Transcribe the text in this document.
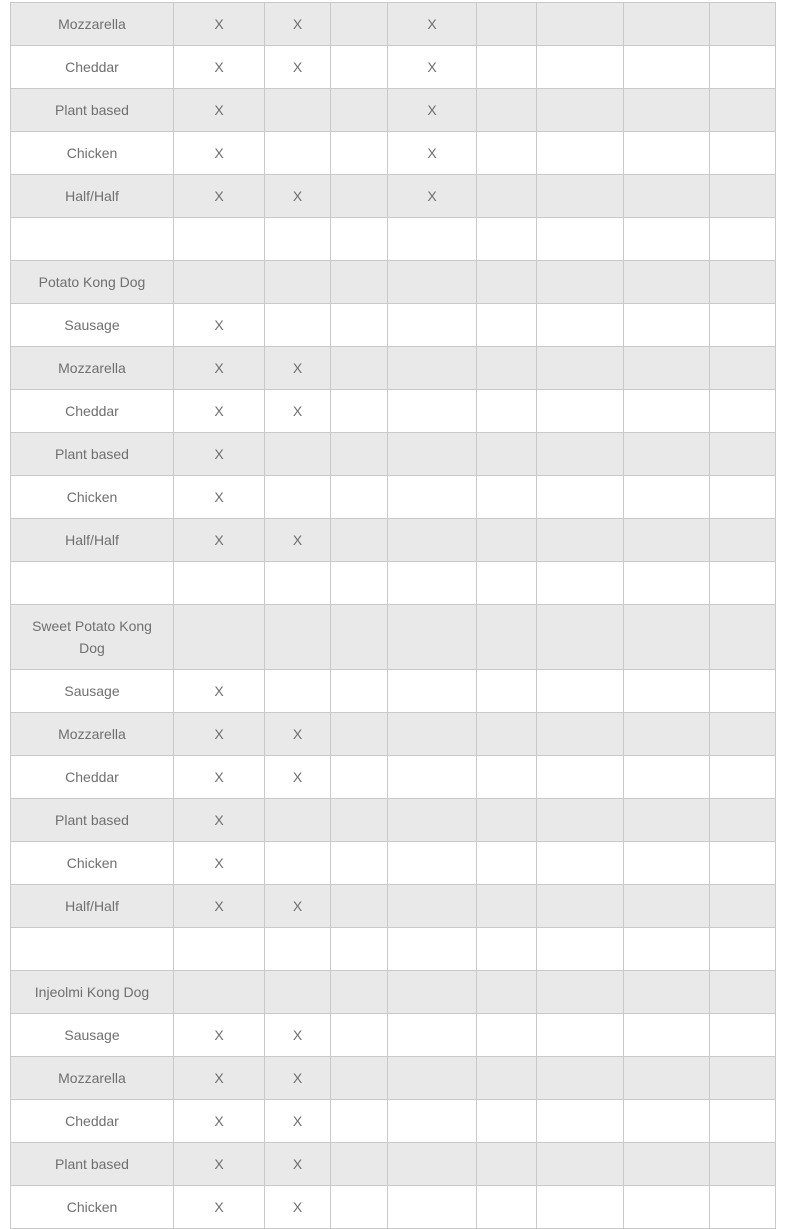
Mozzarella	X	X		X				
Cheddar	X	X		X				
Plant based	X			X				
Chicken	X			X				
Half/Half	X	X		X				

Potato Kong Dog								
Sausage	X							
Mozzarella	X	X						
Cheddar	X	X						
Plant based	X							
Chicken	X							
Half/Half	X	X						

Sweet Potato Kong Dog								
Sausage	X							
Mozzarella	X	X						
Cheddar	X	X						
Plant based	X							
Chicken	X							
Half/Half	X	X						

Injeolmi Kong Dog								
Sausage	X	X						
Mozzarella	X	X						
Cheddar	X	X						
Plant based	X	X						
Chicken	X	X						
